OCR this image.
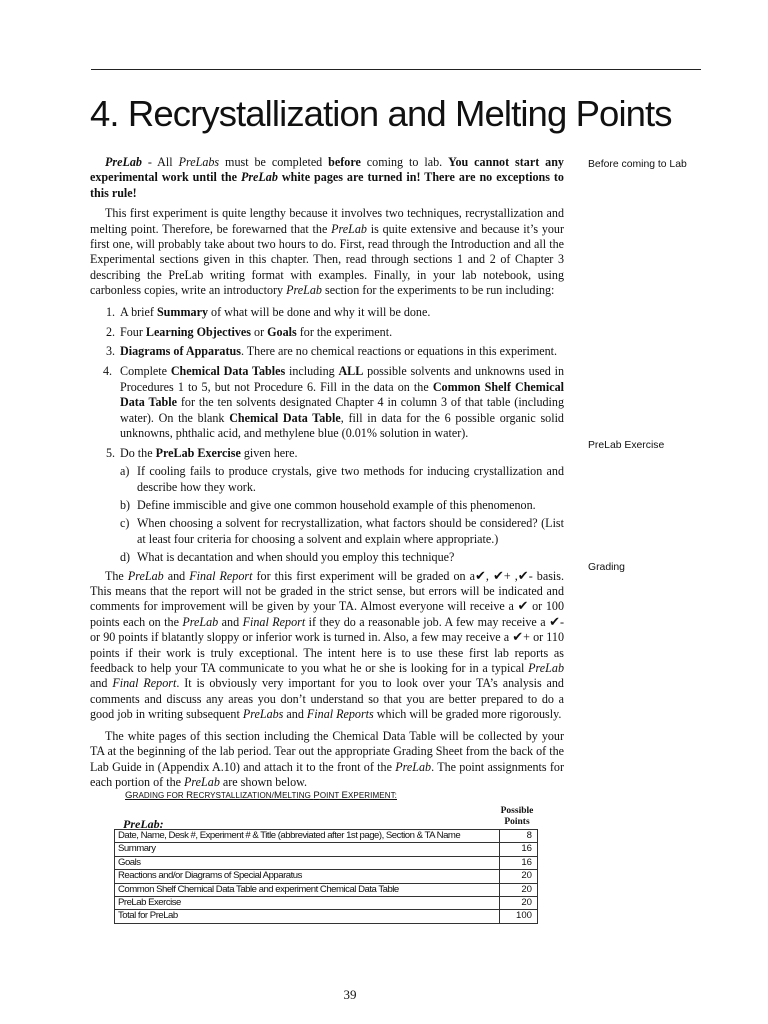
4. Recrystallization and Melting Points
Before coming to Lab
PreLab Exercise
Grading

PreLab - All PreLabs must be completed before coming to lab. You cannot start any experimental work until the PreLab white pages are turned in! There are no exceptions to this rule!

This first experiment is quite lengthy because it involves two techniques, recrystallization and melting point. Therefore, be forewarned that the PreLab is quite extensive and because it’s your first one, will probably take about two hours to do. First, read through the Introduction and all the Experimental sections given in this chapter. Then, read through sections 1 and 2 of Chapter 3 describing the PreLab writing format with examples. Finally, in your lab notebook, using carbonless copies, write an introductory PreLab section for the experiments to be run including:

1. A brief Summary of what will be done and why it will be done.
2. Four Learning Objectives or Goals for the experiment.
3. Diagrams of Apparatus. There are no chemical reactions or equations in this experiment.
4. Complete Chemical Data Tables including ALL possible solvents and unknowns used in Procedures 1 to 5, but not Procedure 6. Fill in the data on the Common Shelf Chemical Data Table for the ten solvents designated Chapter 4 in column 3 of that table (including water). On the blank Chemical Data Table, fill in data for the 6 possible organic solid unknowns, phthalic acid, and methylene blue (0.01% solution in water).
5. Do the PreLab Exercise given here.
a) If cooling fails to produce crystals, give two methods for inducing crystallization and describe how they work.
b) Define immiscible and give one common household example of this phenomenon.
c) When choosing a solvent for recrystallization, what factors should be considered? (List at least four criteria for choosing a solvent and explain where appropriate.)
d) What is decantation and when should you employ this technique?

The PreLab and Final Report for this first experiment will be graded on a✔, ✔+ ,✔- basis. This means that the report will not be graded in the strict sense, but errors will be indicated and comments for improvement will be given by your TA. Almost everyone will receive a ✔ or 100 points each on the PreLab and Final Report if they do a reasonable job. A few may receive a ✔- or 90 points if blatantly sloppy or inferior work is turned in. Also, a few may receive a ✔+ or 110 points if their work is truly exceptional. The intent here is to use these first lab reports as feedback to help your TA communicate to you what he or she is looking for in a typical PreLab and Final Report. It is obviously very important for you to look over your TA’s analysis and comments and discuss any areas you don’t understand so that you are better prepared to do a good job in writing subsequent PreLabs and Final Reports which will be graded more rigorously.

The white pages of this section including the Chemical Data Table will be collected by your TA at the beginning of the lab period. Tear out the appropriate Grading Sheet from the back of the Lab Guide in (Appendix A.10) and attach it to the front of the PreLab. The point assignments for each portion of the PreLab are shown below.

GRADING FOR RECRYSTALLIZATION/MELTING POINT EXPERIMENT:
Possible
Points
PreLab:
Date, Name, Desk #, Experiment # & Title (abbreviated after 1st page), Section & TA Name	8
Summary	16
Goals	16
Reactions and/or Diagrams of Special Apparatus	20
Common Shelf Chemical Data Table and experiment Chemical Data Table	20
PreLab Exercise	20
Total for PreLab	100
39
